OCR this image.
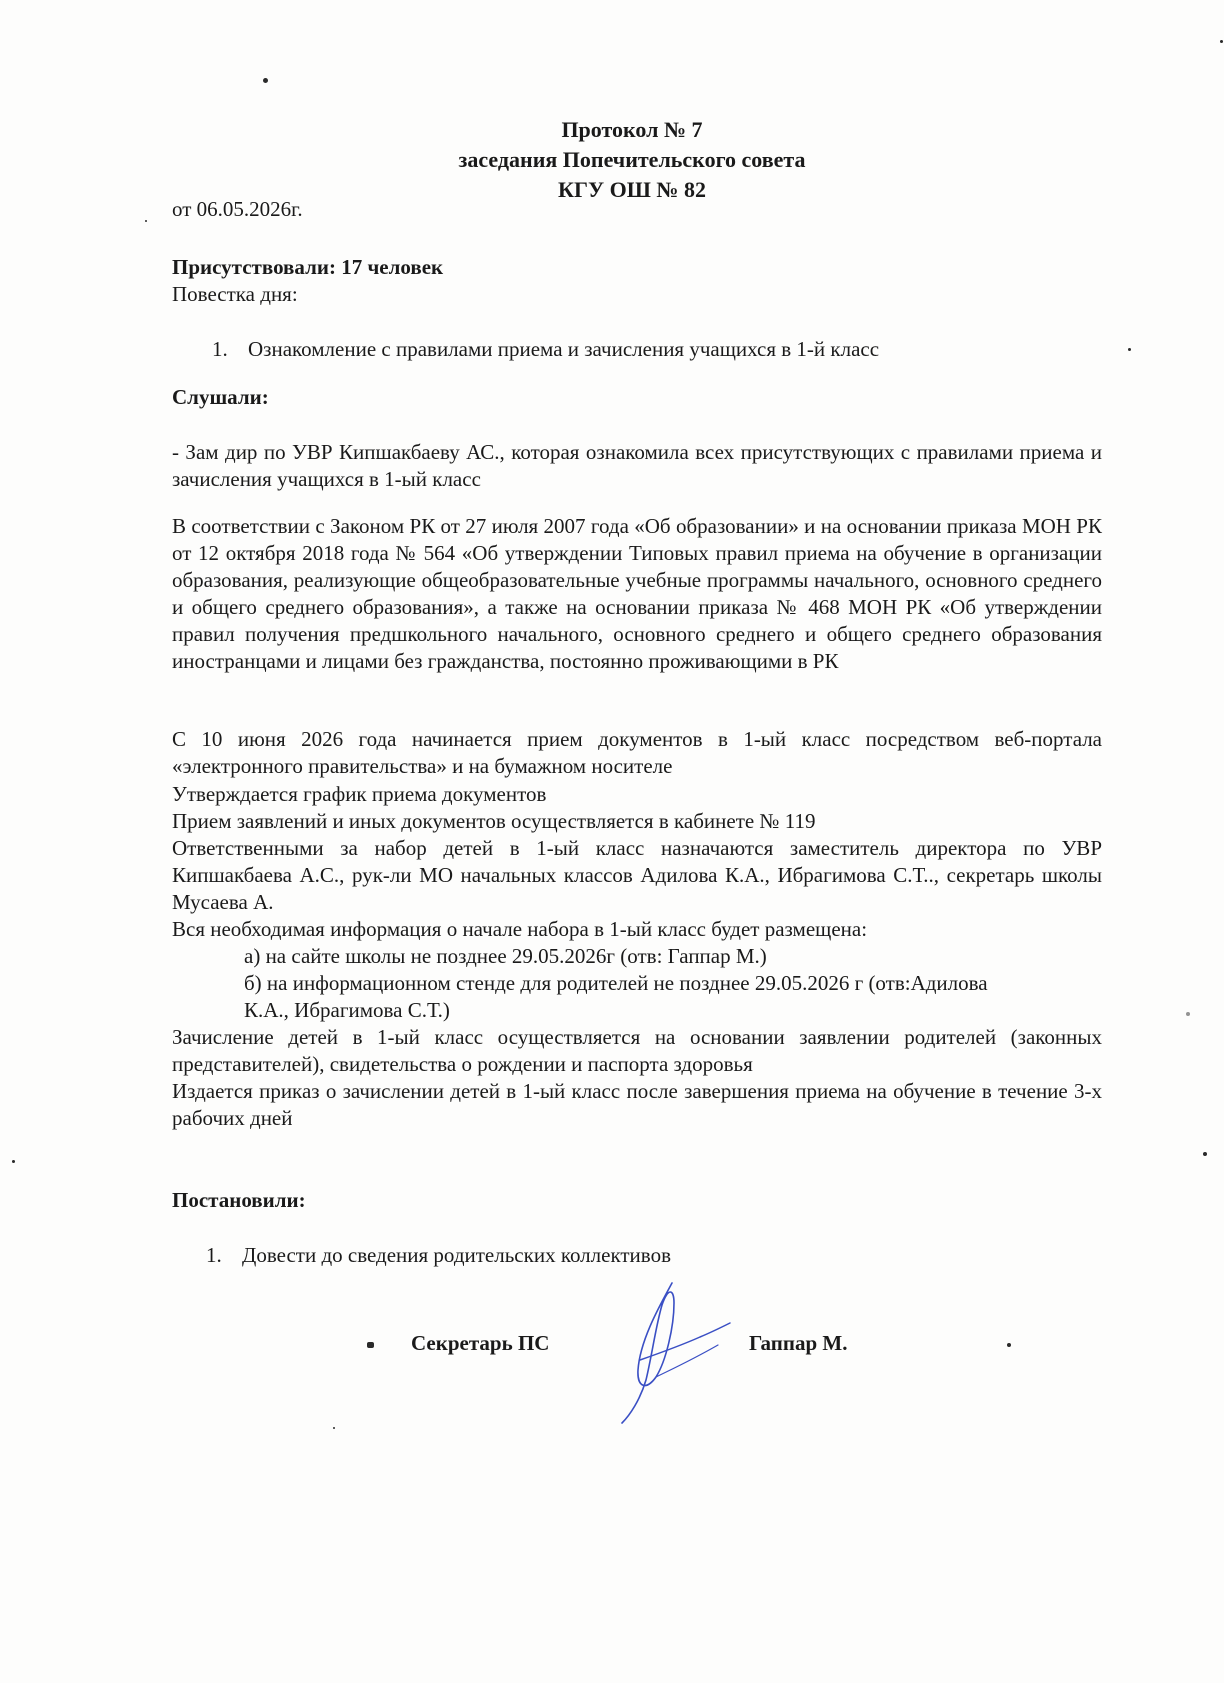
Протокол № 7
заседания Попечительского совета
КГУ ОШ № 82
от 06.05.2026г.
Присутствовали: 17 человек
Повестка дня:
1. Ознакомление с правилами приема и зачисления учащихся в 1-й класс
Слушали:
- Зам дир по УВР Кипшакбаеву АС., которая ознакомила всех присутствующих с правилами приема и зачисления учащихся в 1-ый класс
В соответствии с Законом РК от 27 июля 2007 года «Об образовании» и на основании приказа МОН РК от 12 октября 2018 года № 564 «Об утверждении Типовых правил приема на обучение в организации образования, реализующие общеобразовательные учебные программы начального, основного среднего и общего среднего образования», а также на основании приказа № 468 МОН РК «Об утверждении правил получения предшкольного начального, основного среднего и общего среднего образования иностранцами и лицами без гражданства, постоянно проживающими в РК
С 10 июня 2026 года начинается прием документов в 1-ый класс посредством веб-портала «электронного правительства» и на бумажном носителе
Утверждается график приема документов
Прием заявлений и иных документов осуществляется в кабинете № 119
Ответственными за набор детей в 1-ый класс назначаются заместитель директора по УВР Кипшакбаева А.С., рук-ли МО начальных классов Адилова К.А., Ибрагимова С.Т.., секретарь школы Мусаева А.
Вся необходимая информация о начале набора в 1-ый класс будет размещена:
а) на сайте школы не позднее 29.05.2026г (отв: Гаппар М.)
б) на информационном стенде для родителей не позднее 29.05.2026 г (отв:Адилова
К.А., Ибрагимова С.Т.)
Зачисление детей в 1-ый класс осуществляется на основании заявлении родителей (законных представителей), свидетельства о рождении и паспорта здоровья
Издается приказ о зачислении детей в 1-ый класс после завершения приема на обучение в течение 3-х рабочих дней
Постановили:
1. Довести до сведения родительских коллективов
Секретарь ПС	Гаппар М.
